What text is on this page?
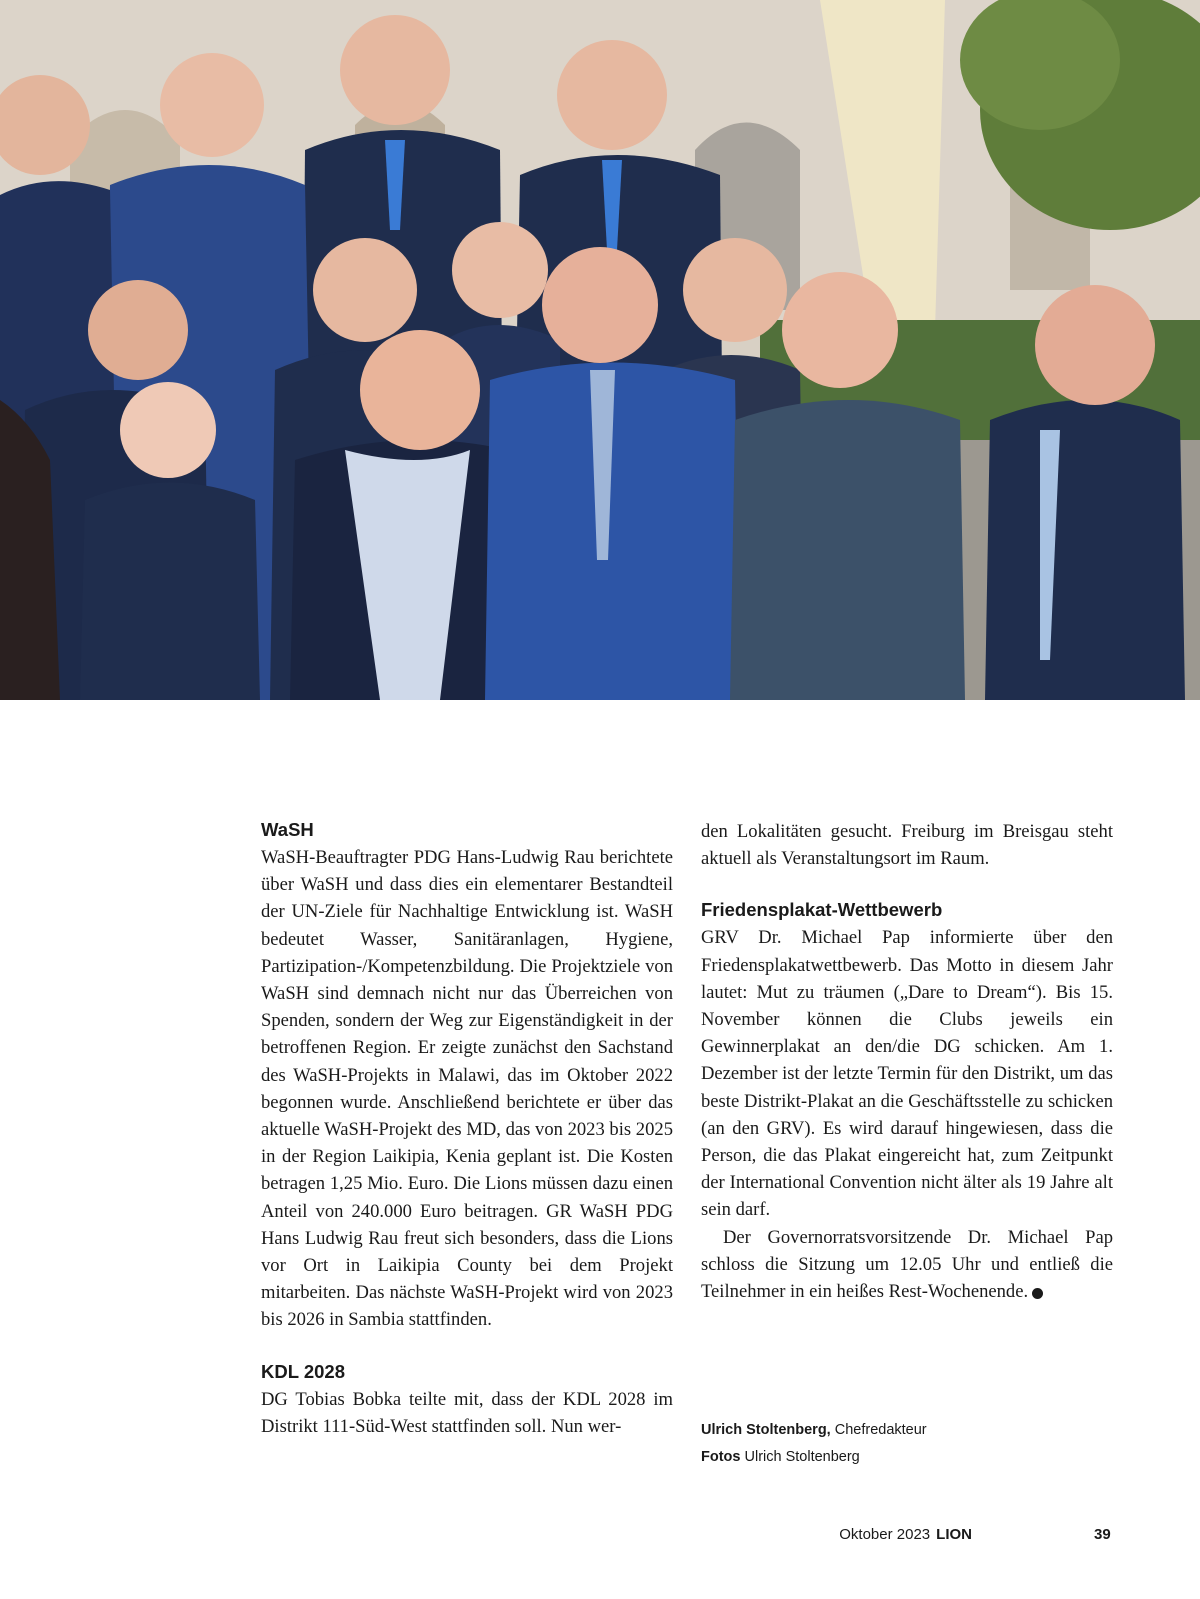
WaSH

WaSH-Beauftragter PDG Hans-Ludwig Rau berichtete über WaSH und dass dies ein elementarer Bestandteil der UN-Ziele für Nachhaltige Entwicklung ist. WaSH bedeutet Wasser, Sanitäranlagen, Hygiene, Partizipation-/Kompetenzbildung. Die Projektziele von WaSH sind demnach nicht nur das Überreichen von Spenden, sondern der Weg zur Eigenständigkeit in der betroffenen Region. Er zeigte zunächst den Sachstand des WaSH-Projekts in Malawi, das im Oktober 2022 begonnen wurde. Anschließend berichtete er über das aktuelle WaSH-Projekt des MD, das von 2023 bis 2025 in der Region Laikipia, Kenia geplant ist. Die Kosten betragen 1,25 Mio. Euro. Die Lions müssen dazu einen Anteil von 240.000 Euro beitragen. GR WaSH PDG Hans Ludwig Rau freut sich besonders, dass die Lions vor Ort in Laikipia County bei dem Projekt mitarbeiten. Das nächste WaSH-Projekt wird von 2023 bis 2026 in Sambia stattfinden.

KDL 2028

DG Tobias Bobka teilte mit, dass der KDL 2028 im Distrikt 111-Süd-West stattfinden soll. Nun wer-

den Lokalitäten gesucht. Freiburg im Breisgau steht aktuell als Veranstaltungsort im Raum.

Friedensplakat-Wettbewerb

GRV Dr. Michael Pap informierte über den Friedensplakatwettbewerb. Das Motto in diesem Jahr lautet: Mut zu träumen („Dare to Dream“). Bis 15. November können die Clubs jeweils ein Gewinnerplakat an den/die DG schicken. Am 1. Dezember ist der letzte Termin für den Distrikt, um das beste Distrikt-Plakat an die Geschäftsstelle zu schicken (an den GRV). Es wird darauf hingewiesen, dass die Person, die das Plakat eingereicht hat, zum Zeitpunkt der International Convention nicht älter als 19 Jahre alt sein darf.

Der Governorratsvorsitzende Dr. Michael Pap schloss die Sitzung um 12.05 Uhr und entließ die Teilnehmer in ein heißes Rest-Wochenende.	L

Ulrich Stoltenberg, Chefredakteur
Fotos Ulrich Stoltenberg
Oktober 2023 LION	39
